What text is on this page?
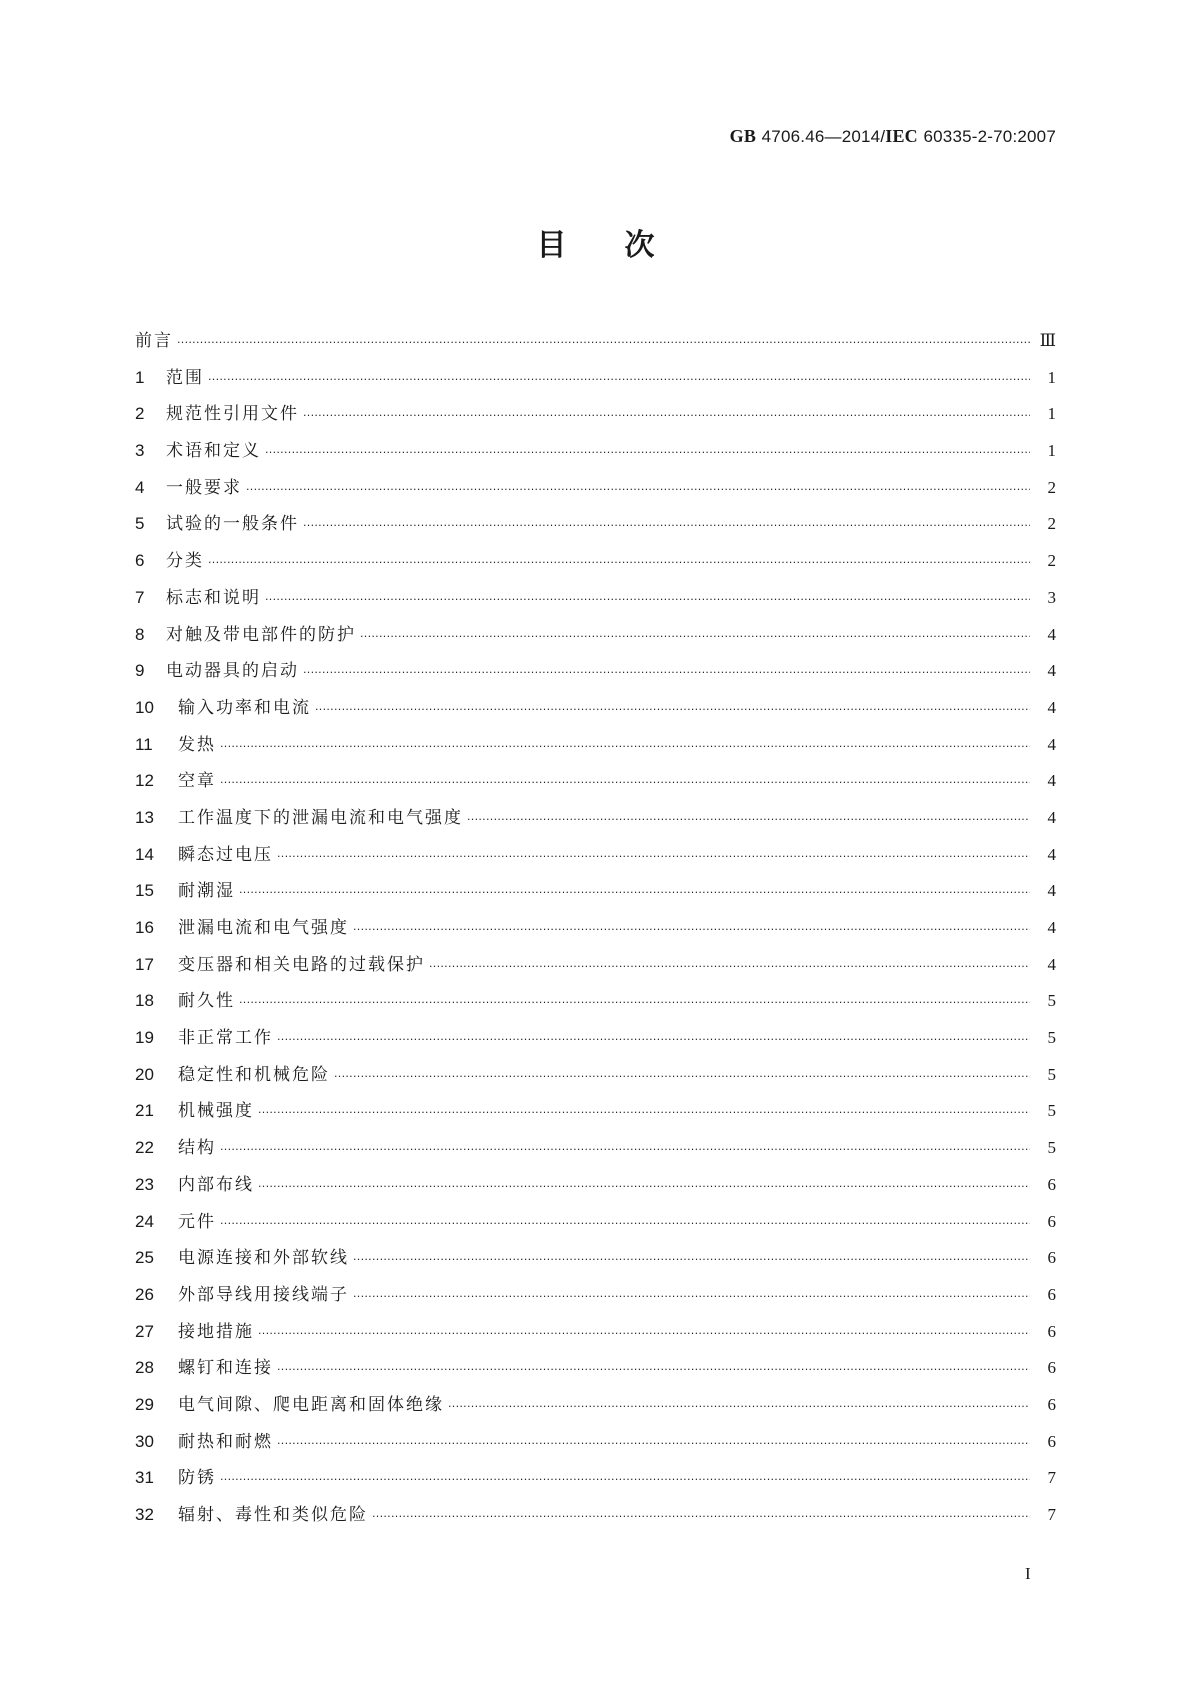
GB 4706.46—2014/IEC 60335-2-70:2007
目次
前言 ·····	Ⅲ
1	范围 ·····	1
2	规范性引用文件 ·····	1
3	术语和定义 ·····	1
4	一般要求 ·····	2
5	试验的一般条件 ·····	2
6	分类 ·····	2
7	标志和说明 ·····	3
8	对触及带电部件的防护 ·····	4
9	电动器具的启动 ·····	4
10	输入功率和电流 ·····	4
11	发热 ·····	4
12	空章 ·····	4
13	工作温度下的泄漏电流和电气强度 ·····	4
14	瞬态过电压 ·····	4
15	耐潮湿 ·····	4
16	泄漏电流和电气强度 ·····	4
17	变压器和相关电路的过载保护 ·····	4
18	耐久性 ·····	5
19	非正常工作 ·····	5
20	稳定性和机械危险 ·····	5
21	机械强度 ·····	5
22	结构 ·····	5
23	内部布线 ·····	6
24	元件 ·····	6
25	电源连接和外部软线 ·····	6
26	外部导线用接线端子 ·····	6
27	接地措施 ·····	6
28	螺钉和连接 ·····	6
29	电气间隙、爬电距离和固体绝缘 ·····	6
30	耐热和耐燃 ·····	6
31	防锈 ·····	7
32	辐射、毒性和类似危险 ·····	7
I
